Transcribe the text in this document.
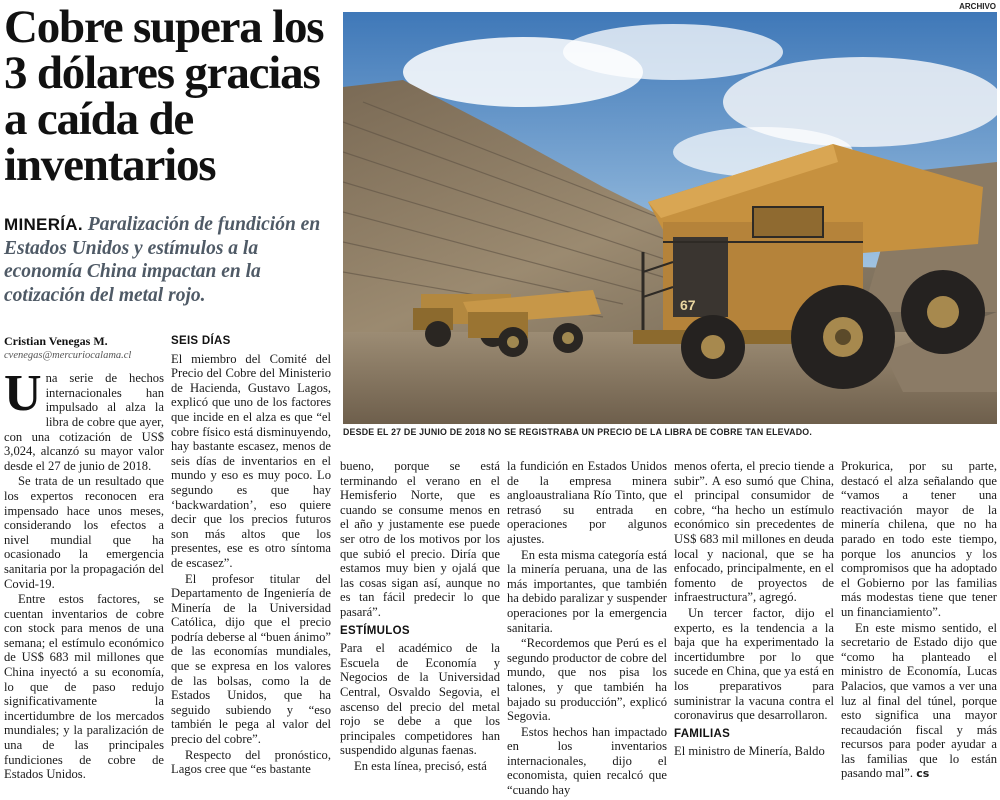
Cobre supera los 3 dólares gracias a caída de inventarios
MINERÍA. Paralización de fundición en Estados Unidos y estímulos a la economía China impactan en la cotización del metal rojo.
ARCHIVO
67
DESDE EL 27 DE JUNIO DE 2018 NO SE REGISTRABA UN PRECIO DE LA LIBRA DE COBRE TAN ELEVADO.
Cristian Venegas M.
cvenegas@mercuriocalama.cl

Una serie de hechos internacionales han impulsado al alza la libra de cobre que ayer, con una cotización de US$ 3,024, alcanzó su mayor valor desde el 27 de junio de 2018.

Se trata de un resultado que los expertos reconocen era impensado hace unos meses, considerando los efectos a nivel mundial que ha ocasionado la emergencia sanitaria por la propagación del Covid-19.

Entre estos factores, se cuentan inventarios de cobre con stock para menos de una semana; el estímulo económico de US$ 683 mil millones que China inyectó a su economía, lo que de paso redujo significativamente la incertidumbre de los mercados mundiales; y la paralización de una de las principales fundiciones de cobre de Estados Unidos.

SEIS DÍAS

El miembro del Comité del Precio del Cobre del Ministerio de Hacienda, Gustavo Lagos, explicó que uno de los factores que incide en el alza es que “el cobre físico está disminuyendo, hay bastante escasez, menos de seis días de inventarios en el mundo y eso es muy poco. Lo segundo es que hay ‘backwardation’, eso quiere decir que los precios futuros son más altos que los presentes, ese es otro síntoma de escasez”.

El profesor titular del Departamento de Ingeniería de Minería de la Universidad Católica, dijo que el precio podría deberse al “buen ánimo” de las economías mundiales, que se expresa en los valores de las bolsas, como la de Estados Unidos, que ha seguido subiendo y “eso también le pega al valor del precio del cobre”.

Respecto del pronóstico, Lagos cree que “es bastante

bueno, porque se está terminando el verano en el Hemisferio Norte, que es cuando se consume menos en el año y justamente ese puede ser otro de los motivos por los que subió el precio. Diría que estamos muy bien y ojalá que las cosas sigan así, aunque no es tan fácil predecir lo que pasará”.

ESTÍMULOS

Para el académico de la Escuela de Economía y Negocios de la Universidad Central, Osvaldo Segovia, el ascenso del precio del metal rojo se debe a que los principales competidores han suspendido algunas faenas.

En esta línea, precisó, está

la fundición en Estados Unidos de la empresa minera angloaustraliana Río Tinto, que retrasó su entrada en operaciones por algunos ajustes.

En esta misma categoría está la minería peruana, una de las más importantes, que también ha debido paralizar y suspender operaciones por la emergencia sanitaria.

“Recordemos que Perú es el segundo productor de cobre del mundo, que nos pisa los talones, y que también ha bajado su producción”, explicó Segovia.

Estos hechos han impactado en los inventarios internacionales, dijo el economista, quien recalcó que “cuando hay

menos oferta, el precio tiende a subir”. A eso sumó que China, el principal consumidor de cobre, “ha hecho un estímulo económico sin precedentes de US$ 683 mil millones en deuda local y nacional, que se ha enfocado, principalmente, en el fomento de proyectos de infraestructura”, agregó.

Un tercer factor, dijo el experto, es la tendencia a la baja que ha experimentado la incertidumbre por lo que sucede en China, que ya está en los preparativos para suministrar la vacuna contra el coronavirus que desarrollaron.

FAMILIAS

El ministro de Minería, Baldo

Prokurica, por su parte, destacó el alza señalando que “vamos a tener una reactivación mayor de la minería chilena, que no ha parado en todo este tiempo, porque los anuncios y los compromisos que ha adoptado el Gobierno por las familias más modestas tiene que tener un financiamiento”.

En este mismo sentido, el secretario de Estado dijo que “como ha planteado el ministro de Economía, Lucas Palacios, que vamos a ver una luz al final del túnel, porque esto significa una mayor recaudación fiscal y más recursos para poder ayudar a las familias que lo están pasando mal”. cs
